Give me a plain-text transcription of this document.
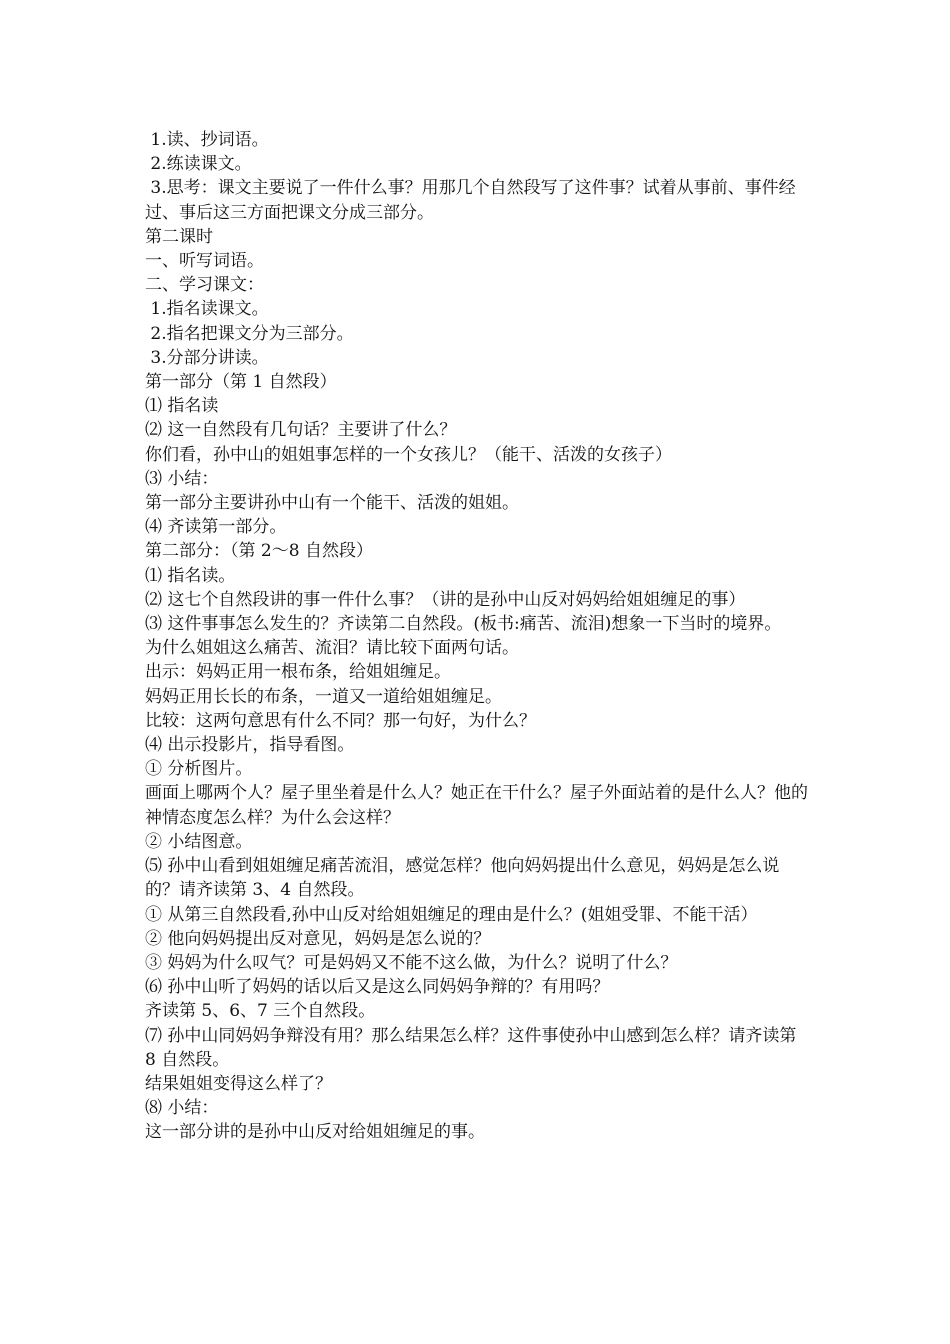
1.读、抄词语。

2.练读课文。

3.思考：课文主要说了一件什么事？用那几个自然段写了这件事？试着从事前、事件经过、事后这三方面把课文分成三部分。

第二课时

一、听写词语。

二、学习课文：

1.指名读课文。

2.指名把课文分为三部分。

3.分部分讲读。

第一部分（第 1 自然段）

⑴ 指名读

⑵ 这一自然段有几句话？主要讲了什么？

你们看，孙中山的姐姐事怎样的一个女孩儿？（能干、活泼的女孩子）

⑶ 小结：

第一部分主要讲孙中山有一个能干、活泼的姐姐。

⑷ 齐读第一部分。

第二部分：（第 2～8 自然段）

⑴ 指名读。

⑵ 这七个自然段讲的事一件什么事？（讲的是孙中山反对妈妈给姐姐缠足的事）

⑶ 这件事事怎么发生的？齐读第二自然段。(板书:痛苦、流泪)想象一下当时的境界。

为什么姐姐这么痛苦、流泪？请比较下面两句话。

出示：妈妈正用一根布条，给姐姐缠足。

妈妈正用长长的布条，一道又一道给姐姐缠足。

比较：这两句意思有什么不同？那一句好，为什么？

⑷ 出示投影片，指导看图。

① 分析图片。

画面上哪两个人？屋子里坐着是什么人？她正在干什么？屋子外面站着的是什么人？他的神情态度怎么样？为什么会这样？

② 小结图意。

⑸ 孙中山看到姐姐缠足痛苦流泪，感觉怎样？他向妈妈提出什么意见，妈妈是怎么说的？请齐读第 3、4 自然段。

① 从第三自然段看,孙中山反对给姐姐缠足的理由是什么？(姐姐受罪、不能干活）

② 他向妈妈提出反对意见，妈妈是怎么说的？

③ 妈妈为什么叹气？可是妈妈又不能不这么做，为什么？说明了什么？

⑹ 孙中山听了妈妈的话以后又是这么同妈妈争辩的？有用吗？

齐读第 5、6、7 三个自然段。

⑺ 孙中山同妈妈争辩没有用？那么结果怎么样？这件事使孙中山感到怎么样？请齐读第 8 自然段。

结果姐姐变得这么样了？

⑻ 小结：

这一部分讲的是孙中山反对给姐姐缠足的事。
